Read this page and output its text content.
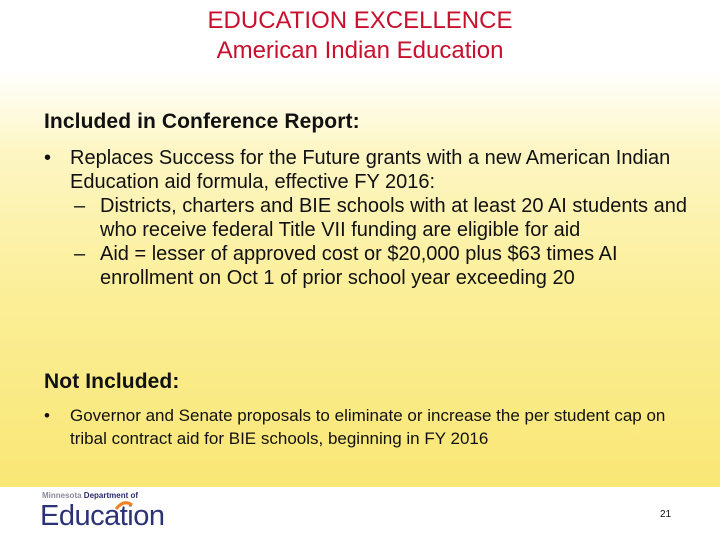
EDUCATION EXCELLENCE
American Indian Education
Included in Conference Report:
• Replaces Success for the Future grants with a new American Indian Education aid formula, effective FY 2016:
– Districts, charters and BIE schools with at least 20 AI students and who receive federal Title VII funding are eligible for aid
– Aid = lesser of approved cost or $20,000 plus $63 times AI enrollment on Oct 1 of prior school year exceeding 20
Not Included:
• Governor and Senate proposals to eliminate or increase the per student cap on tribal contract aid for BIE schools, beginning in FY 2016
Minnesota Department of
Education	21
